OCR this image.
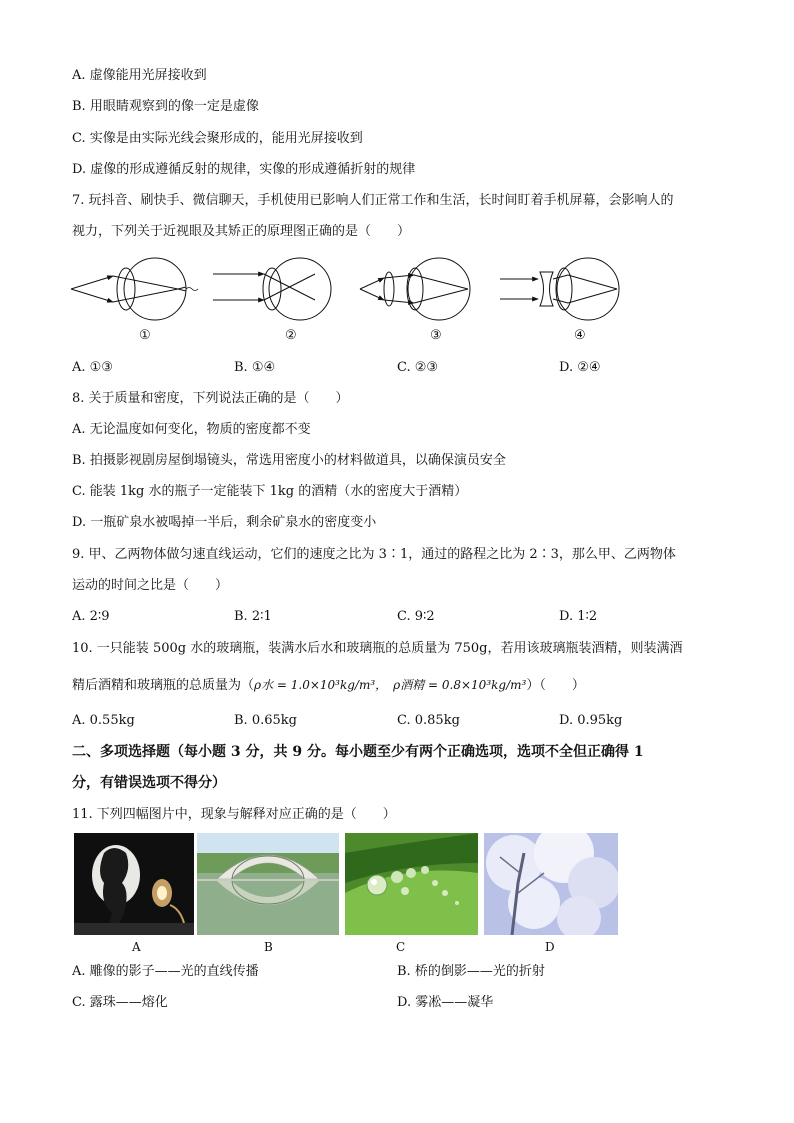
A. 虚像能用光屏接收到
B. 用眼睛观察到的像一定是虚像
C. 实像是由实际光线会聚形成的，能用光屏接收到
D. 虚像的形成遵循反射的规律，实像的形成遵循折射的规律
7. 玩抖音、刷快手、微信聊天，手机使用已影响人们正常工作和生活，长时间盯着手机屏幕，会影响人的
视力，下列关于近视眼及其矫正的原理图正确的是（　　）
①	②	③	④
A. ①③	B. ①④	C. ②③	D. ②④
8. 关于质量和密度，下列说法正确的是（　　）
A. 无论温度如何变化，物质的密度都不变
B. 拍摄影视剧房屋倒塌镜头，常选用密度小的材料做道具，以确保演员安全
C. 能装 1kg 水的瓶子一定能装下 1kg 的酒精（水的密度大于酒精）
D. 一瓶矿泉水被喝掉一半后，剩余矿泉水的密度变小
9. 甲、乙两物体做匀速直线运动，它们的速度之比为 3∶1，通过的路程之比为 2∶3，那么甲、乙两物体
运动的时间之比是（　　）
A. 2∶9	B. 2∶1	C. 9∶2	D. 1∶2
10. 一只能装 500g 水的玻璃瓶，装满水后水和玻璃瓶的总质量为 750g，若用该玻璃瓶装酒精，则装满酒
精后酒精和玻璃瓶的总质量为（ρ水 = 1.0×10³kg/m³， ρ酒精 = 0.8×10³kg/m³）（　　）
A. 0.55kg	B. 0.65kg	C. 0.85kg	D. 0.95kg
二、多项选择题（每小题 3 分，共 9 分。每小题至少有两个正确选项，选项不全但正确得 1
分，有错误选项不得分）
11. 下列四幅图片中，现象与解释对应正确的是（　　）
A	B	C	D
A. 雕像的影子——光的直线传播	B. 桥的倒影——光的折射
C. 露珠——熔化	D. 雾凇——凝华
